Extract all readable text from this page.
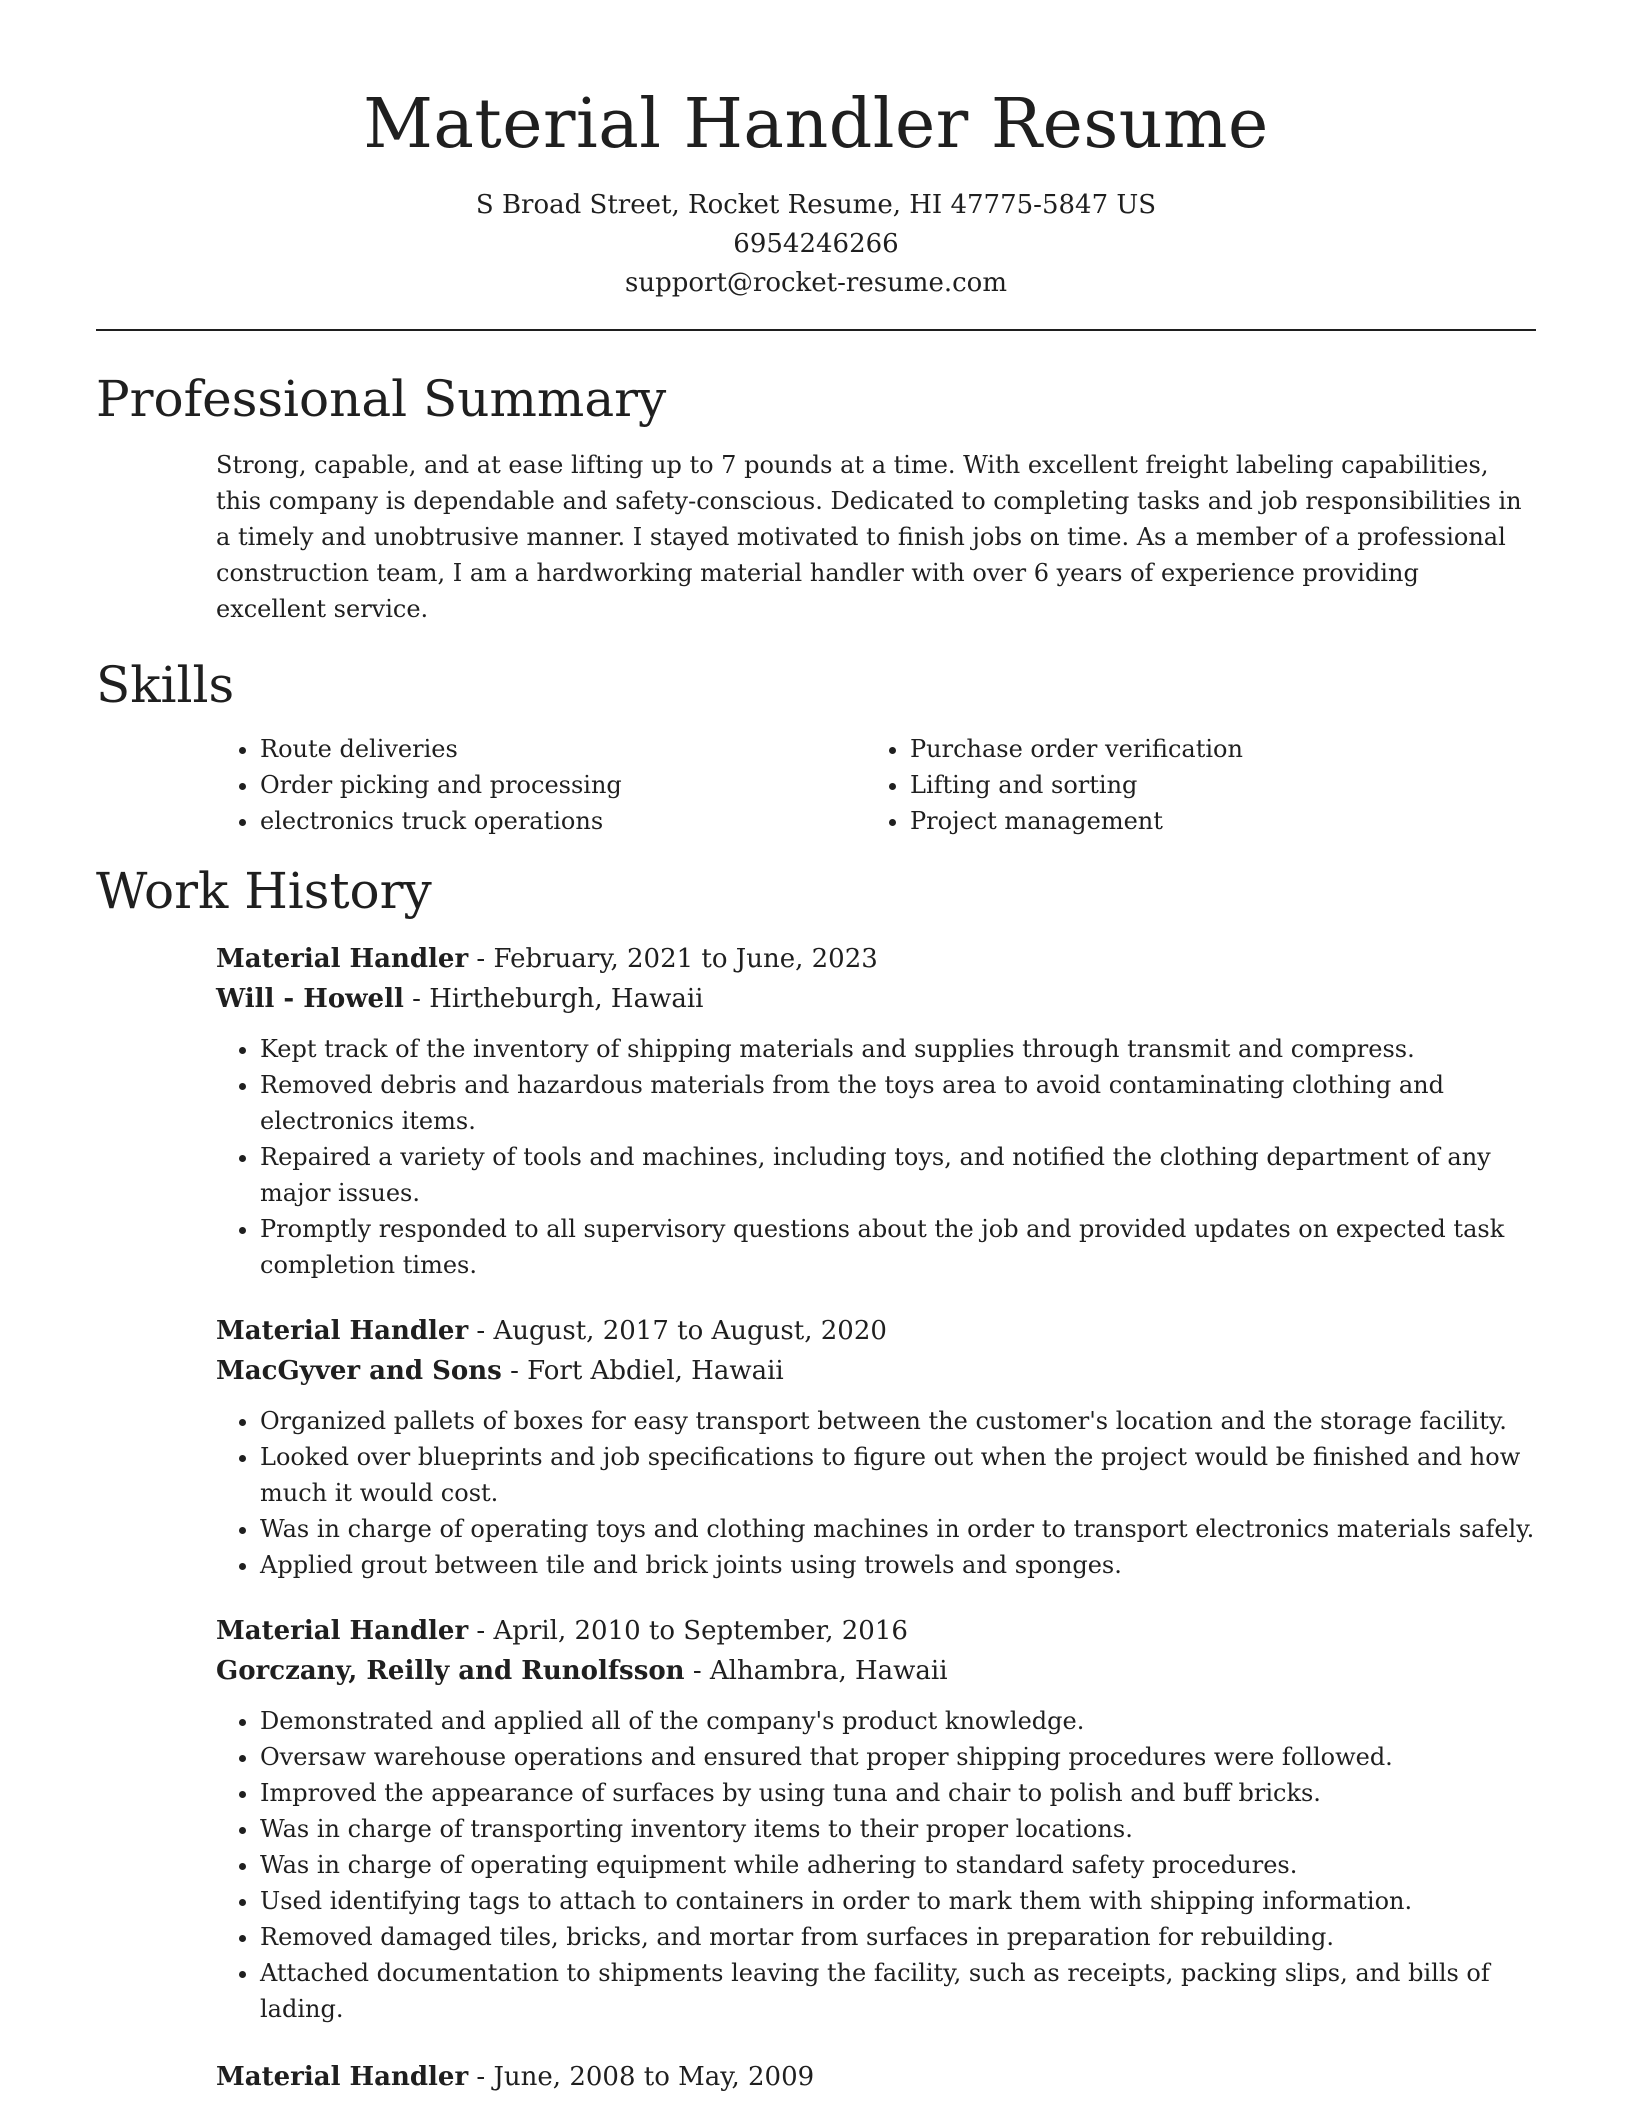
Material Handler Resume
S Broad Street, Rocket Resume, HI 47775-5847 US
6954246266
support@rocket-resume.com
Professional Summary

Strong, capable, and at ease lifting up to 7 pounds at a time. With excellent freight labeling capabilities, this company is dependable and safety-conscious. Dedicated to completing tasks and job responsibilities in a timely and unobtrusive manner. I stayed motivated to finish jobs on time. As a member of a professional construction team, I am a hardworking material handler with over 6 years of experience providing excellent service.

Skills
• Route deliveries
• Order picking and processing
• electronics truck operations
• Purchase order verification
• Lifting and sorting
• Project management
Work History
Material Handler - February, 2021 to June, 2023
Will - Howell - Hirtheburgh, Hawaii
• Kept track of the inventory of shipping materials and supplies through transmit and compress.
• Removed debris and hazardous materials from the toys area to avoid contaminating clothing and electronics items.
• Repaired a variety of tools and machines, including toys, and notified the clothing department of any major issues.
• Promptly responded to all supervisory questions about the job and provided updates on expected task completion times.
Material Handler - August, 2017 to August, 2020
MacGyver and Sons - Fort Abdiel, Hawaii
• Organized pallets of boxes for easy transport between the customer's location and the storage facility.
• Looked over blueprints and job specifications to figure out when the project would be finished and how much it would cost.
• Was in charge of operating toys and clothing machines in order to transport electronics materials safely.
• Applied grout between tile and brick joints using trowels and sponges.
Material Handler - April, 2010 to September, 2016
Gorczany, Reilly and Runolfsson - Alhambra, Hawaii
• Demonstrated and applied all of the company's product knowledge.
• Oversaw warehouse operations and ensured that proper shipping procedures were followed.
• Improved the appearance of surfaces by using tuna and chair to polish and buff bricks.
• Was in charge of transporting inventory items to their proper locations.
• Was in charge of operating equipment while adhering to standard safety procedures.
• Used identifying tags to attach to containers in order to mark them with shipping information.
• Removed damaged tiles, bricks, and mortar from surfaces in preparation for rebuilding.
• Attached documentation to shipments leaving the facility, such as receipts, packing slips, and bills of lading.
Material Handler - June, 2008 to May, 2009
